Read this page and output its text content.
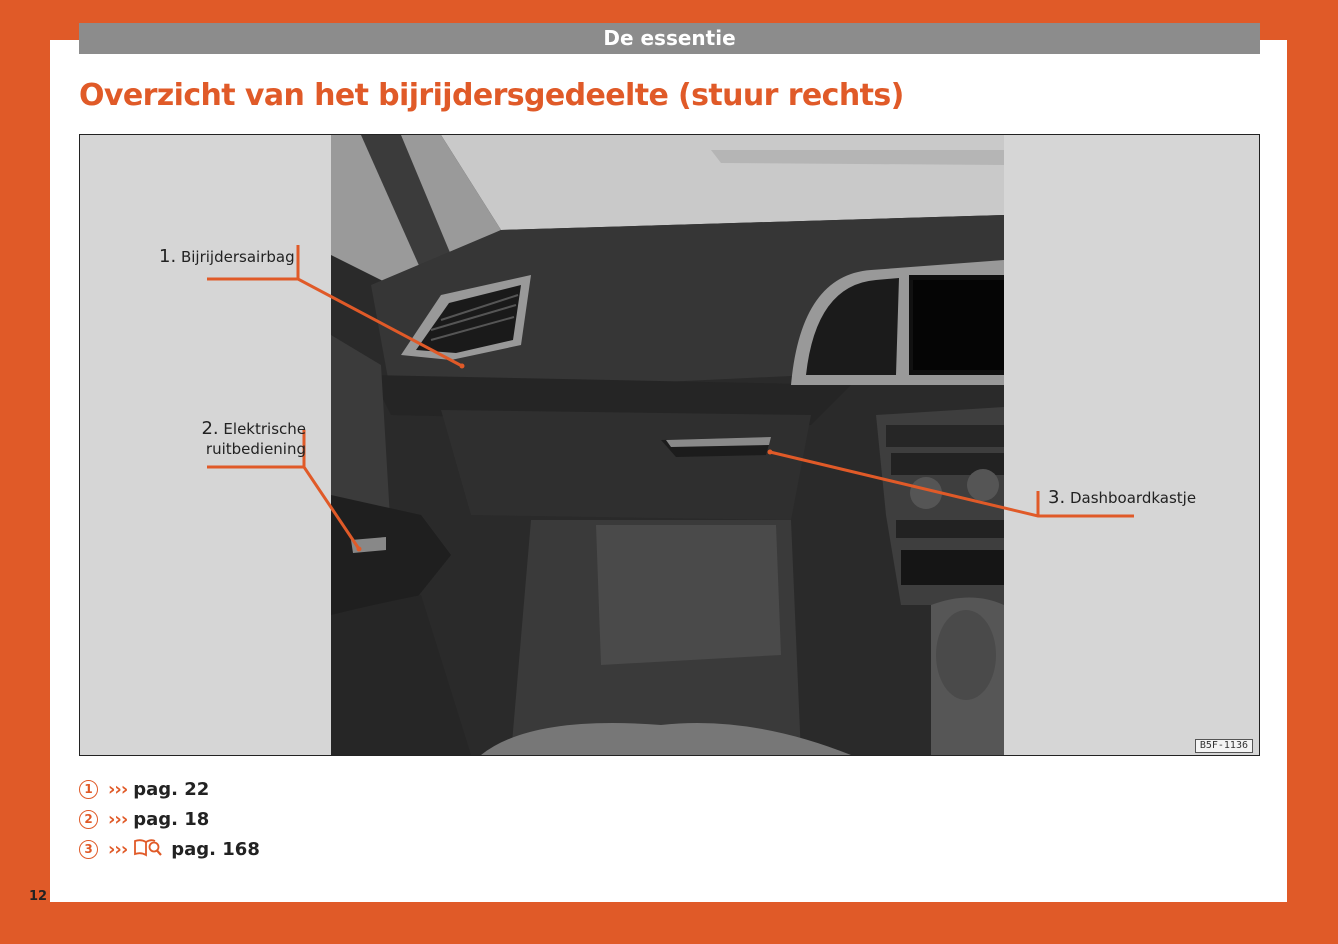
De essentie
Overzicht van het bijrijdersgedeelte (stuur rechts)
1. Bijrijdersairbag
2. Elektrische
ruitbediening
3. Dashboardkastje
B5F-1136
1 ››› pag. 22
2 ››› pag. 18
3 ››› pag. 168
12
